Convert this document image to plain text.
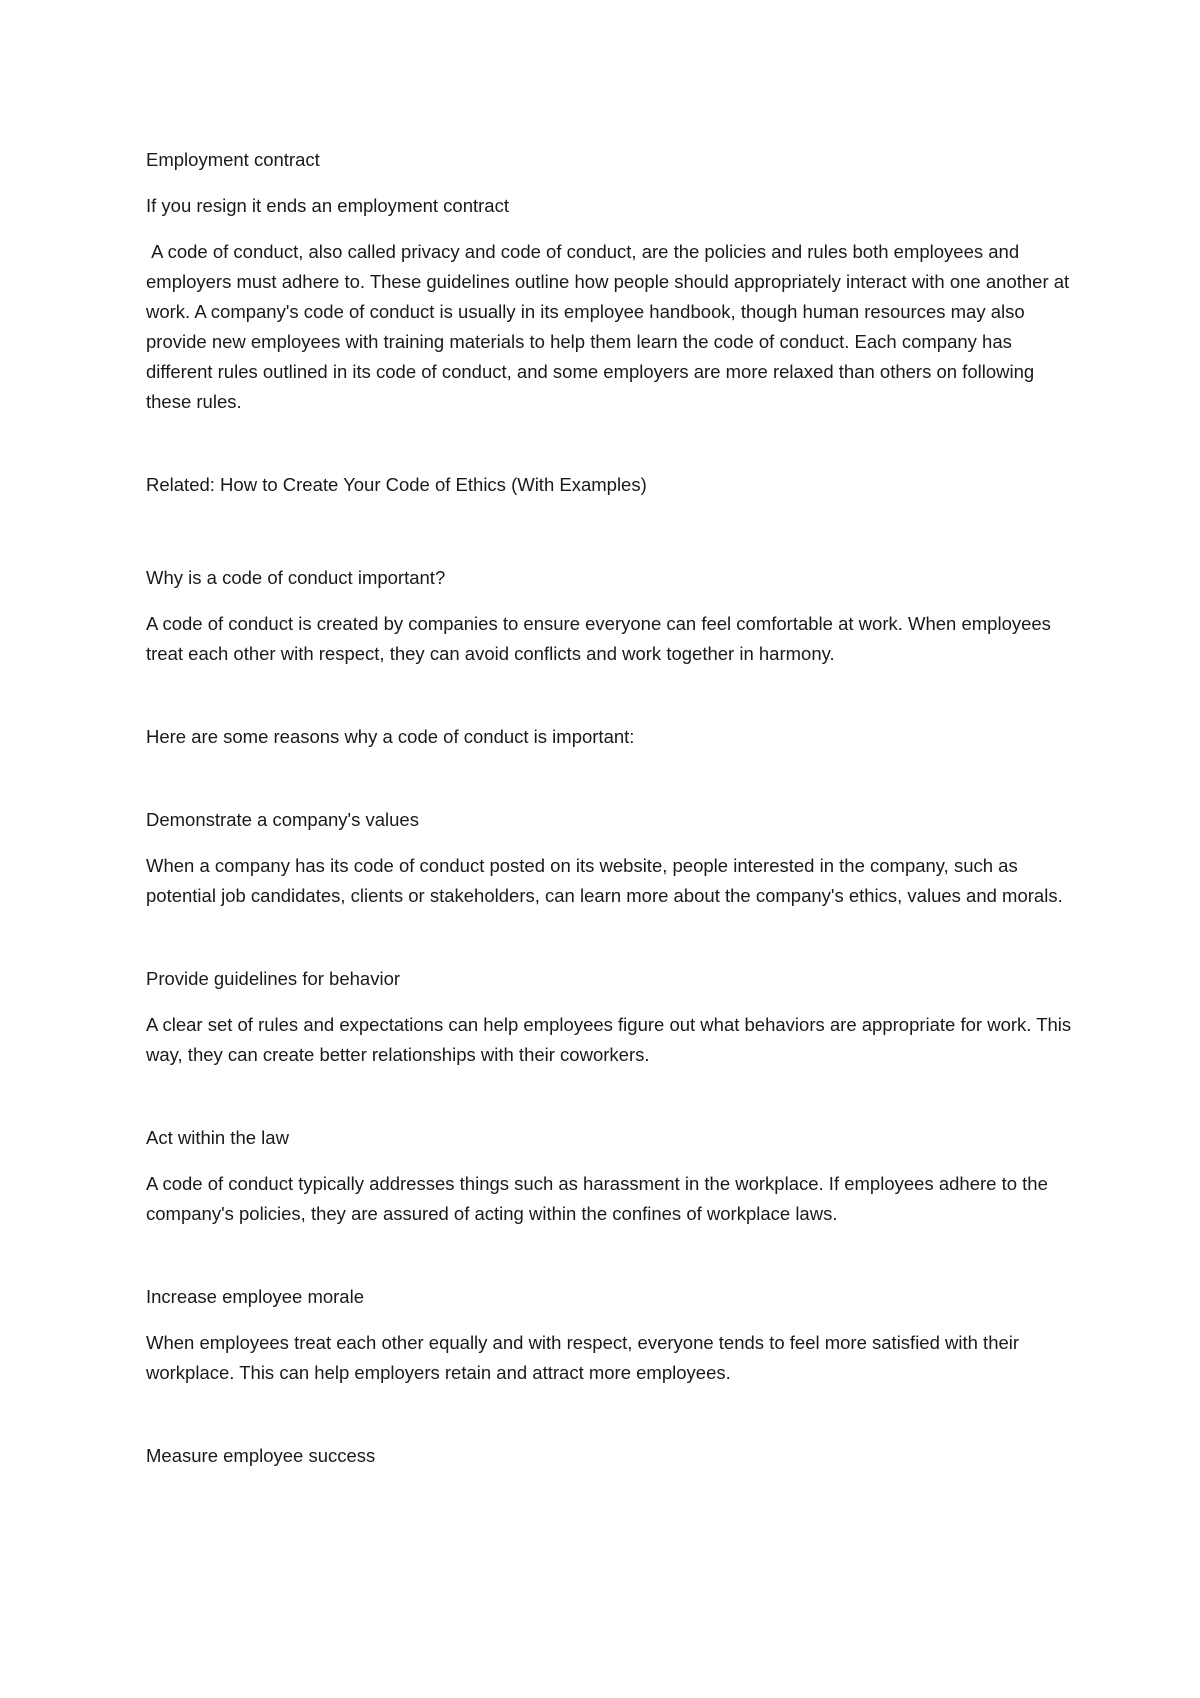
Employment contract

If you resign it ends an employment contract

A code of conduct, also called privacy and code of conduct, are the policies and rules both employees and employers must adhere to. These guidelines outline how people should appropriately interact with one another at work. A company's code of conduct is usually in its employee handbook, though human resources may also provide new employees with training materials to help them learn the code of conduct. Each company has different rules outlined in its code of conduct, and some employers are more relaxed than others on following these rules.

Related: How to Create Your Code of Ethics (With Examples)

Why is a code of conduct important?

A code of conduct is created by companies to ensure everyone can feel comfortable at work. When employees treat each other with respect, they can avoid conflicts and work together in harmony.

Here are some reasons why a code of conduct is important:

Demonstrate a company's values

When a company has its code of conduct posted on its website, people interested in the company, such as potential job candidates, clients or stakeholders, can learn more about the company's ethics, values and morals.

Provide guidelines for behavior

A clear set of rules and expectations can help employees figure out what behaviors are appropriate for work. This way, they can create better relationships with their coworkers.

Act within the law

A code of conduct typically addresses things such as harassment in the workplace. If employees adhere to the company's policies, they are assured of acting within the confines of workplace laws.

Increase employee morale

When employees treat each other equally and with respect, everyone tends to feel more satisfied with their workplace. This can help employers retain and attract more employees.

Measure employee success
